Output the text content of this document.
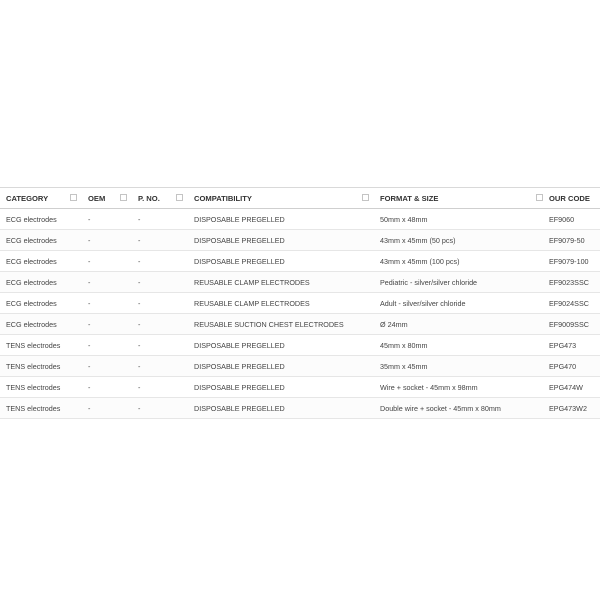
CATEGORY	OEM	P. NO.	COMPATIBILITY	FORMAT & SIZE	OUR CODE
ECG electrodes	-	-	DISPOSABLE PREGELLED	50mm x 48mm	EF9060
ECG electrodes	-	-	DISPOSABLE PREGELLED	43mm x 45mm (50 pcs)	EF9079-50
ECG electrodes	-	-	DISPOSABLE PREGELLED	43mm x 45mm (100 pcs)	EF9079-100
ECG electrodes	-	-	REUSABLE CLAMP ELECTRODES	Pediatric - silver/silver chloride	EF9023SSC
ECG electrodes	-	-	REUSABLE CLAMP ELECTRODES	Adult - silver/silver chloride	EF9024SSC
ECG electrodes	-	-	REUSABLE SUCTION CHEST ELECTRODES	Ø 24mm	EF9009SSC
TENS electrodes	-	-	DISPOSABLE PREGELLED	45mm x 80mm	EPG473
TENS electrodes	-	-	DISPOSABLE PREGELLED	35mm x 45mm	EPG470
TENS electrodes	-	-	DISPOSABLE PREGELLED	Wire + socket - 45mm x 98mm	EPG474W
TENS electrodes	-	-	DISPOSABLE PREGELLED	Double wire + socket - 45mm x 80mm	EPG473W2
